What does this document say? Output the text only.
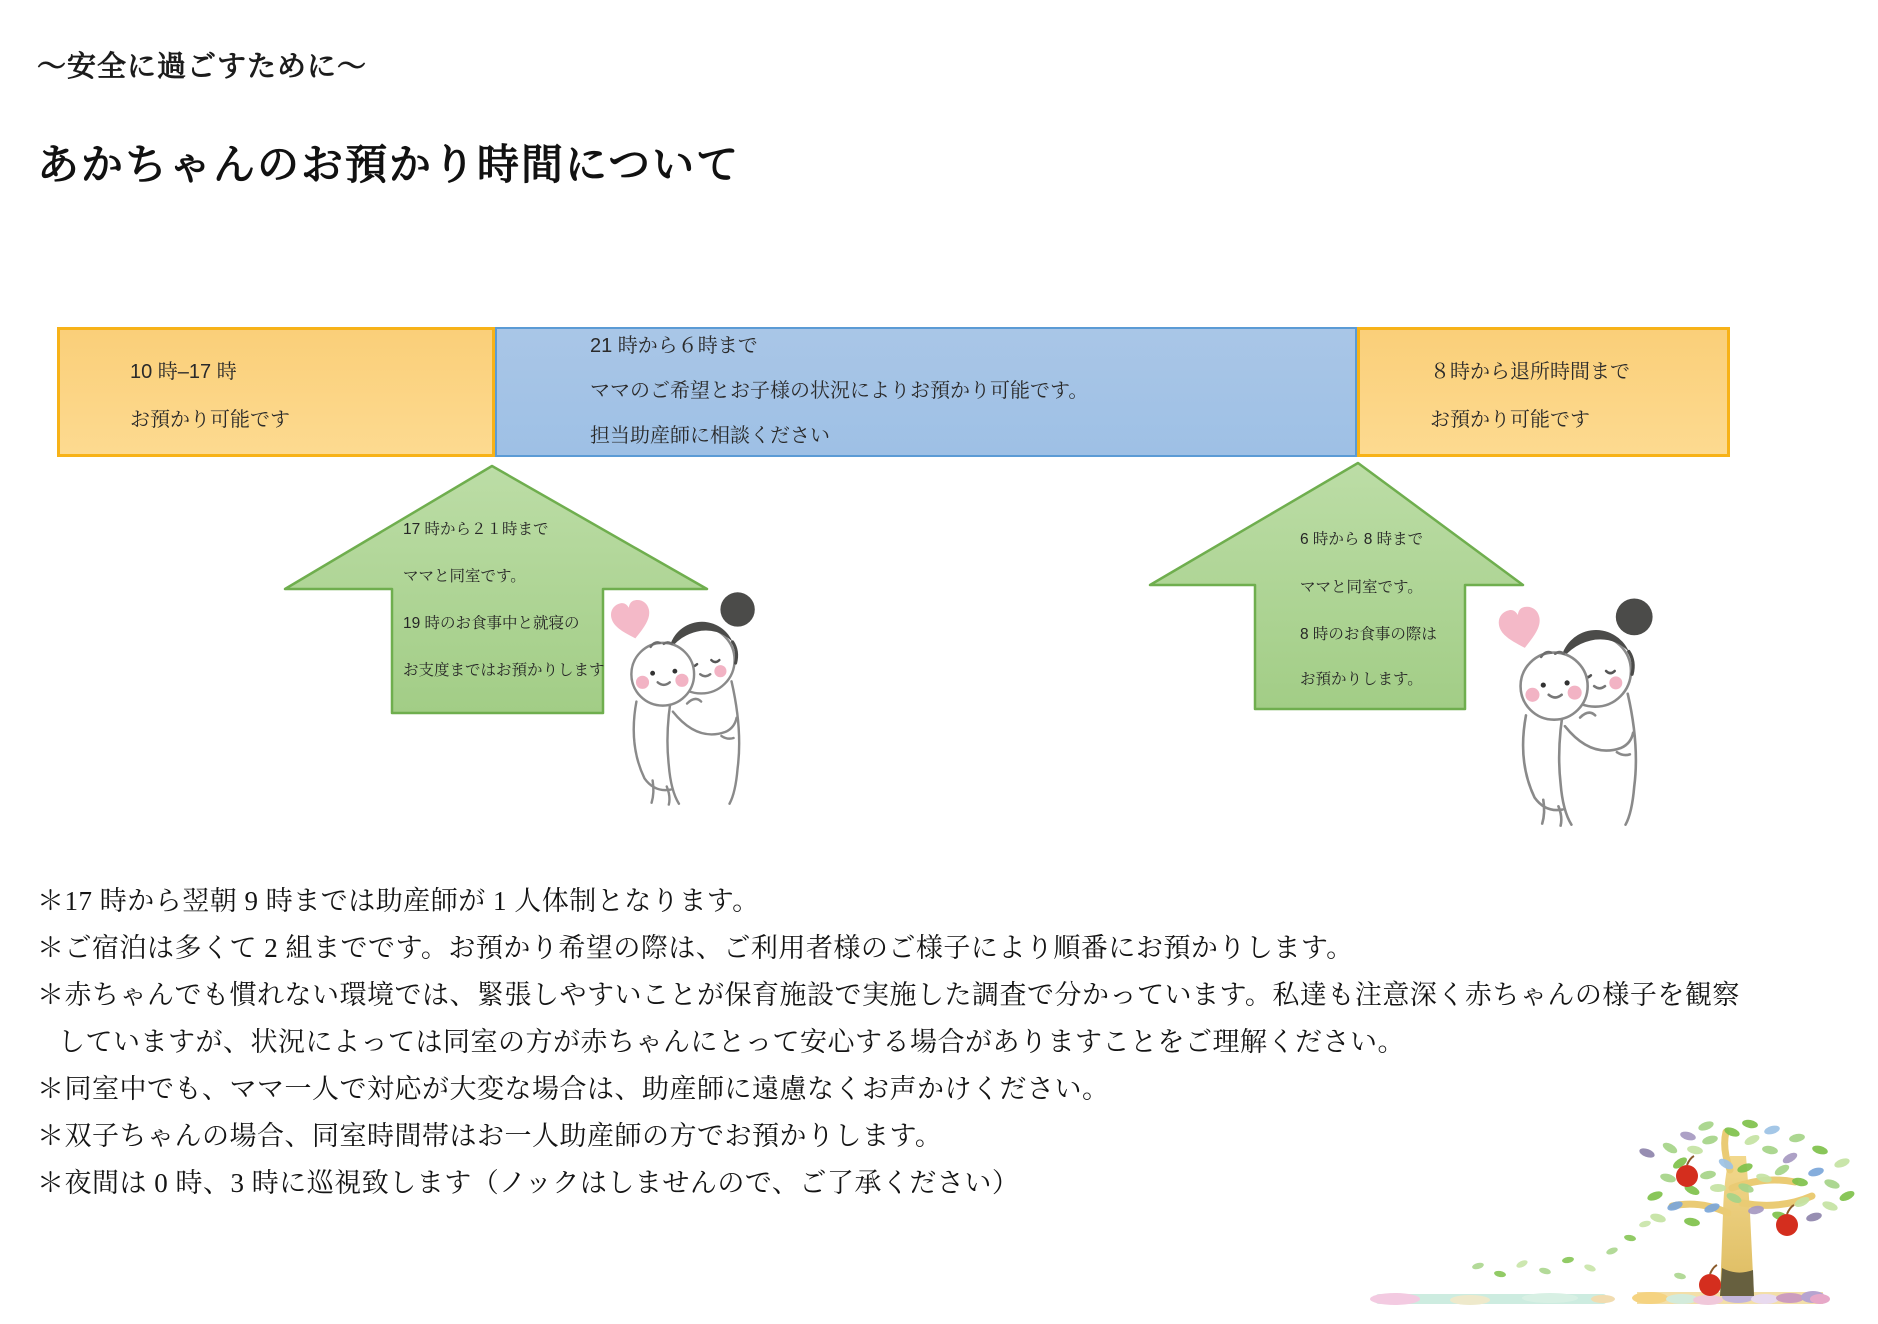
～安全に過ごすために～
あかちゃんのお預かり時間について

10 時–17 時

お預かり可能です

21 時から６時まで

ママのご希望とお子様の状況によりお預かり可能です。

担当助産師に相談ください

８時から退所時間まで

お預かり可能です

17 時から２１時まで

ママと同室です。

19 時のお食事中と就寝の

お支度まではお預かりします

6 時から 8 時まで

ママと同室です。

8 時のお食事の際は

お預かりします。

＊17 時から翌朝 9 時までは助産師が 1 人体制となります。
＊ご宿泊は多くて 2 組までです。お預かり希望の際は、ご利用者様のご様子により順番にお預かりします。
＊赤ちゃんでも慣れない環境では、緊張しやすいことが保育施設で実施した調査で分かっています。私達も注意深く赤ちゃんの様子を観察
していますが、状況によっては同室の方が赤ちゃんにとって安心する場合がありますことをご理解ください。
＊同室中でも、ママ一人で対応が大変な場合は、助産師に遠慮なくお声かけください。
＊双子ちゃんの場合、同室時間帯はお一人助産師の方でお預かりします。
＊夜間は 0 時、3 時に巡視致します（ノックはしませんので、ご了承ください）
